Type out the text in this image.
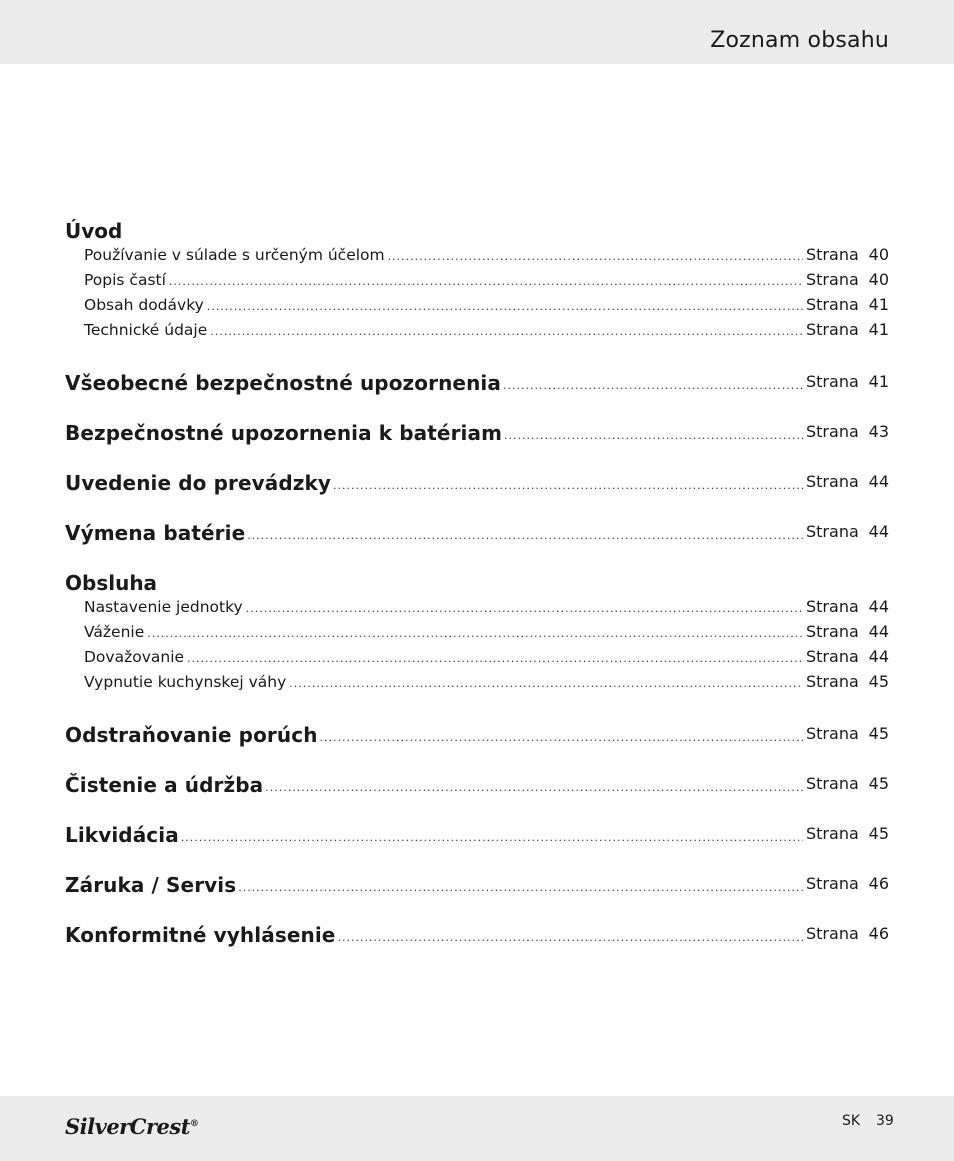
Zoznam obsahu
Úvod
Používanie v súlade s určeným účelom .....	Strana 40
Popis častí .....	Strana 40
Obsah dodávky .....	Strana 41
Technické údaje .....	Strana 41
Všeobecné bezpečnostné upozornenia .....	Strana 41
Bezpečnostné upozornenia k batériam .....	Strana 43
Uvedenie do prevádzky .....	Strana 44
Výmena batérie .....	Strana 44
Obsluha
Nastavenie jednotky .....	Strana 44
Váženie .....	Strana 44
Dovažovanie .....	Strana 44
Vypnutie kuchynskej váhy .....	Strana 45
Odstraňovanie porúch .....	Strana 45
Čistenie a údržba .....	Strana 45
Likvidácia .....	Strana 45
Záruka / Servis .....	Strana 46
Konformitné vyhlásenie .....	Strana 46
SilverCrest®	SK 39
